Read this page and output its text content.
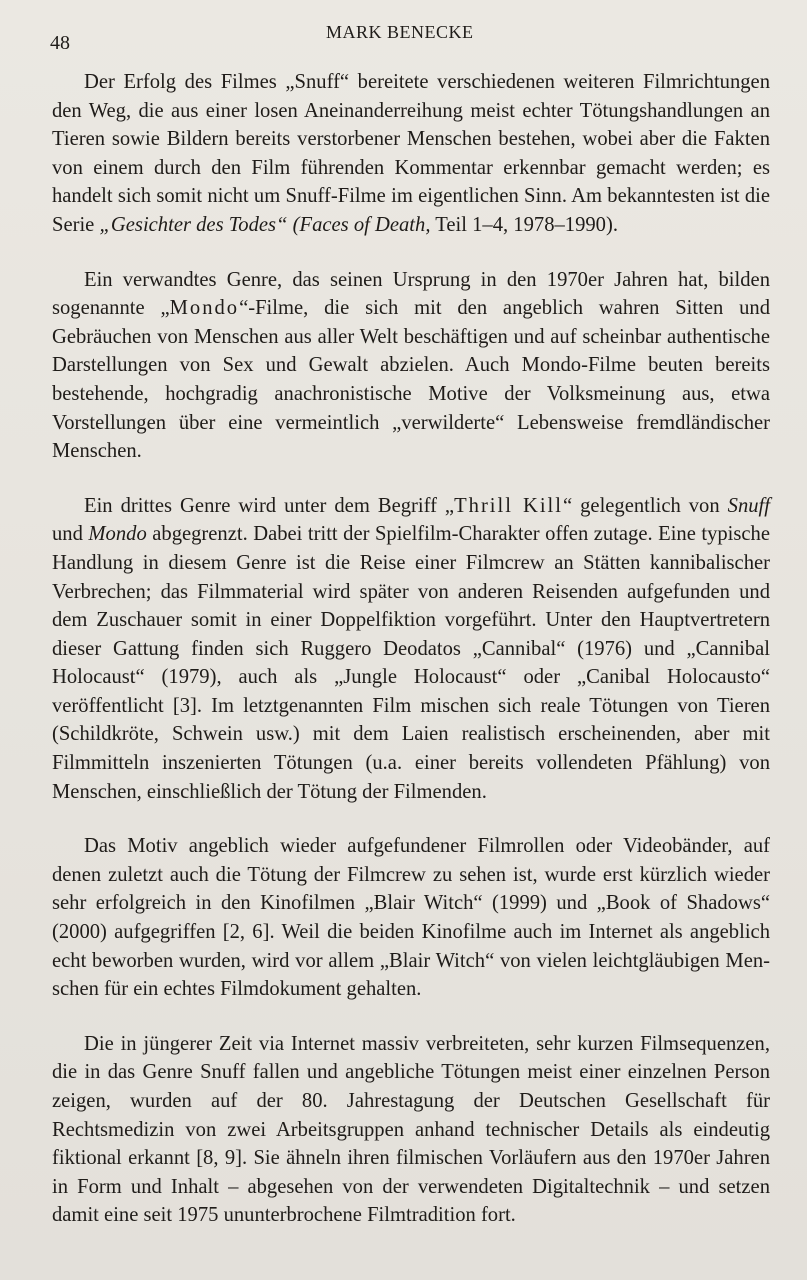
48	MARK BENECKE

Der Erfolg des Filmes „Snuff“ bereitete verschiedenen weiteren Filmrichtungen den Weg, die aus einer losen Aneinanderreihung meist echter Tötungshandlungen an Tieren sowie Bildern bereits verstorbener Menschen bestehen, wobei aber die Fakten von einem durch den Film führenden Kommentar erkennbar gemacht werden; es handelt sich somit nicht um Snuff-Filme im eigentlichen Sinn. Am bekanntesten ist die Serie „Gesichter des Todes“ (Faces of Death, Teil 1–4, 1978–1990).

Ein verwandtes Genre, das seinen Ursprung in den 1970er Jahren hat, bilden sogenannte „Mondo“-Filme, die sich mit den angeblich wahren Sitten und Gebräuchen von Menschen aus aller Welt beschäftigen und auf scheinbar authentische Darstellungen von Sex und Gewalt abzielen. Auch Mondo-Filme beuten bereits bestehende, hochgradig anachronistische Motive der Volksmeinung aus, etwa Vorstellungen über eine vermeintlich „verwilderte“ Lebensweise fremdländischer Menschen.

Ein drittes Genre wird unter dem Begriff „Thrill Kill“ gelegentlich von Snuff und Mondo abgegrenzt. Dabei tritt der Spielfilm-Charakter offen zutage. Eine typische Handlung in diesem Genre ist die Reise einer Filmcrew an Stätten kannibalischer Verbrechen; das Filmmaterial wird später von anderen Reisenden aufgefunden und dem Zuschauer somit in einer Doppelfiktion vorgeführt. Unter den Hauptvertretern dieser Gattung finden sich Ruggero Deodatos „Cannibal“ (1976) und „Cannibal Holocaust“ (1979), auch als „Jungle Holocaust“ oder „Canibal Holocausto“ veröffentlicht [3]. Im letztgenannten Film mischen sich reale Tötungen von Tieren (Schildkröte, Schwein usw.) mit dem Laien realistisch erscheinenden, aber mit Filmmitteln inszenierten Tötungen (u.a. einer bereits vollendeten Pfählung) von Menschen, einschließlich der Tötung der Filmenden.

Das Motiv angeblich wieder aufgefundener Filmrollen oder Videobänder, auf denen zuletzt auch die Tötung der Filmcrew zu sehen ist, wurde erst kürzlich wieder sehr erfolgreich in den Kinofilmen „Blair Witch“ (1999) und „Book of Shadows“ (2000) aufgegriffen [2, 6]. Weil die beiden Kinofilme auch im Internet als angeblich echt beworben wurden, wird vor allem „Blair Witch“ von vielen leichtgläubigen Menschen für ein echtes Filmdokument gehalten.

Die in jüngerer Zeit via Internet massiv verbreiteten, sehr kurzen Filmsequenzen, die in das Genre Snuff fallen und angebliche Tötungen meist einer einzelnen Person zeigen, wurden auf der 80. Jahrestagung der Deutschen Gesellschaft für Rechtsmedizin von zwei Arbeitsgruppen anhand technischer Details als eindeutig fiktional erkannt [8, 9]. Sie ähneln ihren filmischen Vorläufern aus den 1970er Jahren in Form und Inhalt – abgesehen von der verwendeten Digitaltechnik – und setzen damit eine seit 1975 ununterbrochene Filmtradition fort.
